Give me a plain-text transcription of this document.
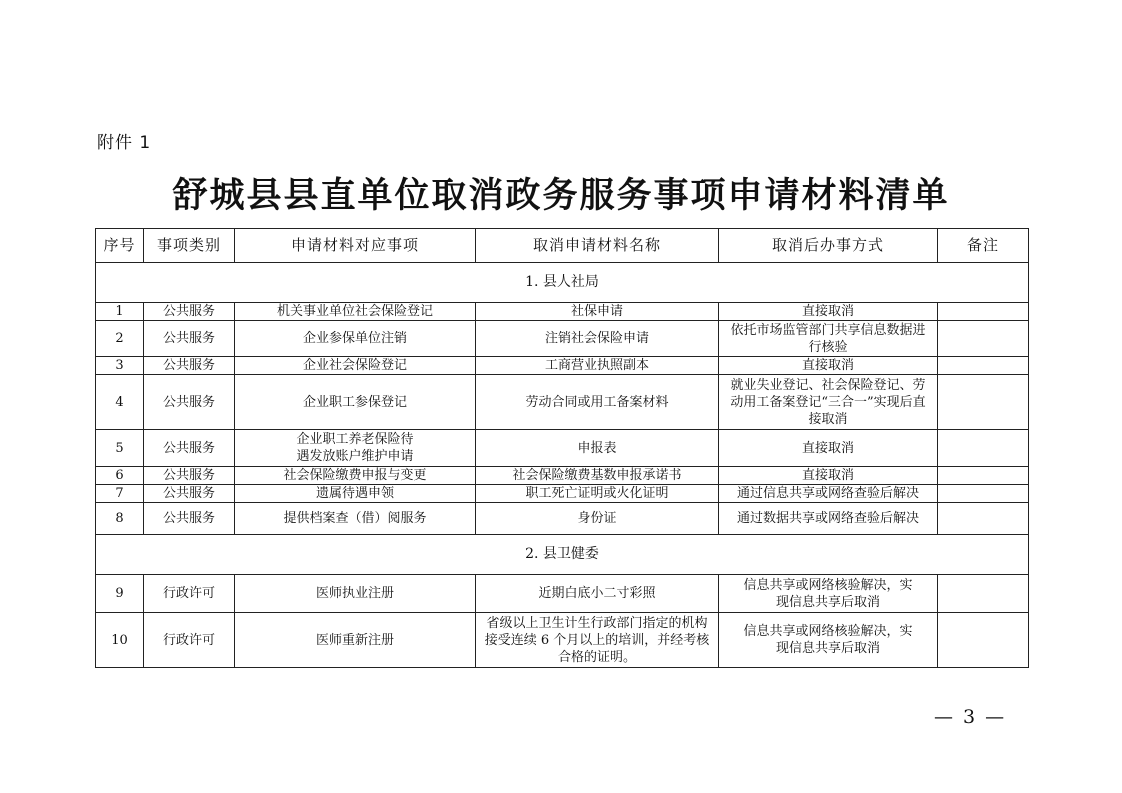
附件 1
舒城县县直单位取消政务服务事项申请材料清单
序号	事项类别	申请材料对应事项	取消申请材料名称	取消后办事方式	备注
1. 县人社局					
1	公共服务	机关事业单位社会保险登记	社保申请	直接取消	
2	公共服务	企业参保单位注销	注销社会保险申请	依托市场监管部门共享信息数据进行核验	
3	公共服务	企业社会保险登记	工商营业执照副本	直接取消	
4	公共服务	企业职工参保登记	劳动合同或用工备案材料	就业失业登记、社会保险登记、劳动用工备案登记“三合一”实现后直接取消	
5	公共服务	企业职工养老保险待遇发放账户维护申请	申报表	直接取消	
6	公共服务	社会保险缴费申报与变更	社会保险缴费基数申报承诺书	直接取消	
7	公共服务	遗属待遇申领	职工死亡证明或火化证明	通过信息共享或网络查验后解决	
8	公共服务	提供档案查（借）阅服务	身份证	通过数据共享或网络查验后解决	
2. 县卫健委					
9	行政许可	医师执业注册	近期白底小二寸彩照	信息共享或网络核验解决，实现信息共享后取消	
10	行政许可	医师重新注册	省级以上卫生计生行政部门指定的机构接受连续 6 个月以上的培训，并经考核合格的证明。	信息共享或网络核验解决，实现信息共享后取消	
— 3 —
